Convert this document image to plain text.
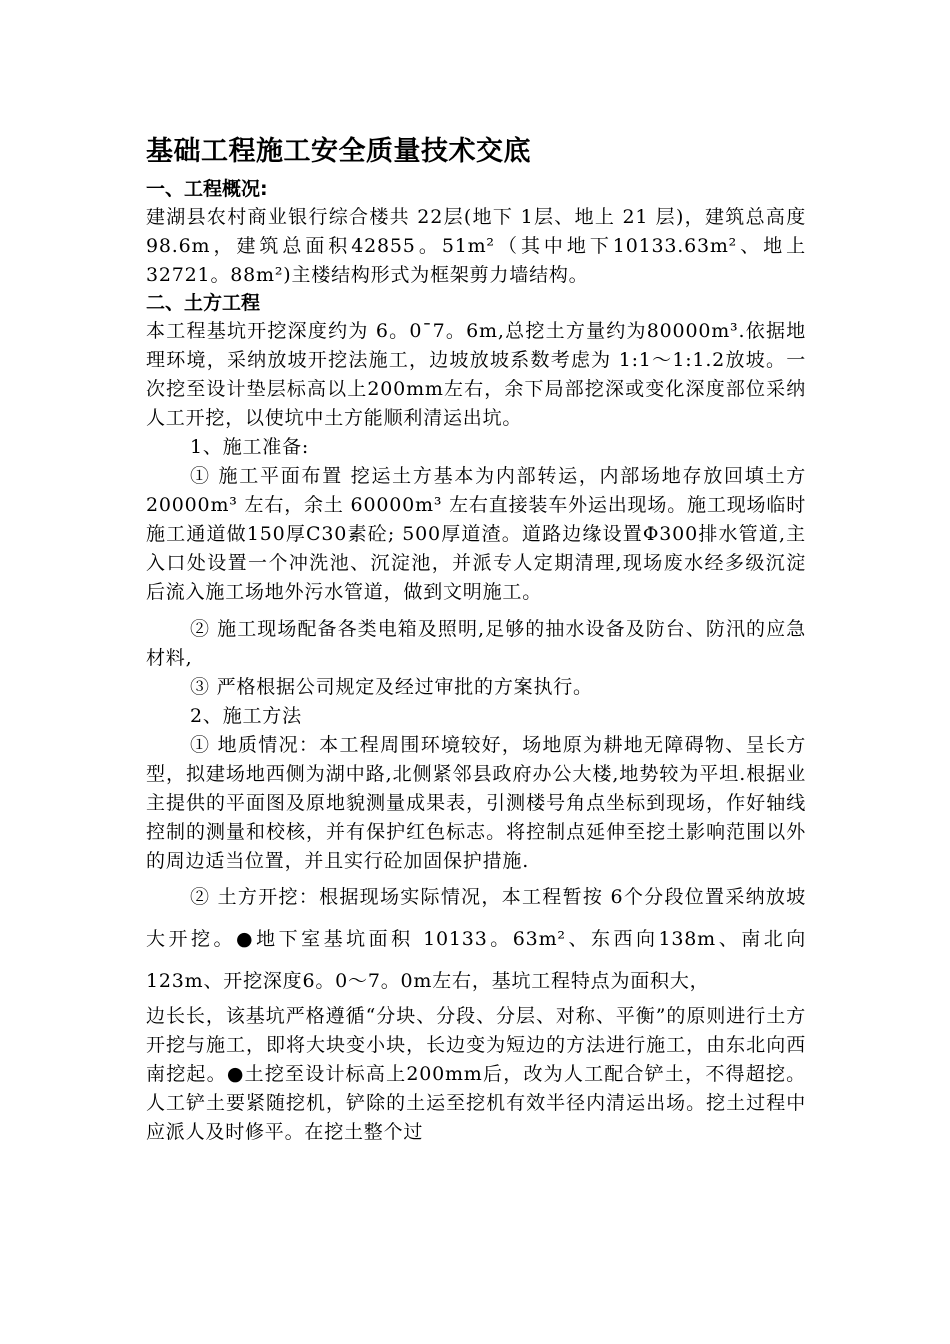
基础工程施工安全质量技术交底

一、工程概况:

建湖县农村商业银行综合楼共 22层(地下 1层、地上 21 层)，建筑总高度98.6m，建筑总面积42855。51m²（其中地下10133.63m²、地上 32721。88m²)主楼结构形式为框架剪力墙结构。

二、土方工程

本工程基坑开挖深度约为 6。0¯7。6m,总挖土方量约为80000m³.依据地理环境，采纳放坡开挖法施工，边坡放坡系数考虑为 1:1～1:1.2放坡。一次挖至设计垫层标高以上200mm左右，余下局部挖深或变化深度部位采纳人工开挖，以使坑中土方能顺利清运出坑。

1、施工准备:

① 施工平面布置 挖运土方基本为内部转运，内部场地存放回填土方 20000m³ 左右，余土 60000m³ 左右直接装车外运出现场。施工现场临时施工通道做150厚C30素砼; 500厚道渣。道路边缘设置Φ300排水管道,主入口处设置一个冲洗池、沉淀池，并派专人定期清理,现场废水经多级沉淀后流入施工场地外污水管道，做到文明施工。

② 施工现场配备各类电箱及照明,足够的抽水设备及防台、防汛的应急材料,

③ 严格根据公司规定及经过审批的方案执行。

2、施工方法

① 地质情况：本工程周围环境较好，场地原为耕地无障碍物、呈长方型，拟建场地西侧为湖中路,北侧紧邻县政府办公大楼,地势较为平坦.根据业主提供的平面图及原地貌测量成果表，引测楼号角点坐标到现场，作好轴线控制的测量和校核，并有保护红色标志。将控制点延伸至挖土影响范围以外的周边适当位置，并且实行砼加固保护措施.

② 土方开挖：根据现场实际情况，本工程暂按 6个分段位置采纳放坡大开挖。●地下室基坑面积 10133。63m²、东西向138m、南北向123m、开挖深度6。0～7。0m左右，基坑工程特点为面积大，

边长长，该基坑严格遵循“分块、分段、分层、对称、平衡”的原则进行土方开挖与施工，即将大块变小块，长边变为短边的方法进行施工，由东北向西南挖起。●土挖至设计标高上200mm后，改为人工配合铲土，不得超挖。人工铲土要紧随挖机，铲除的土运至挖机有效半径内清运出场。挖土过程中应派人及时修平。在挖土整个过
